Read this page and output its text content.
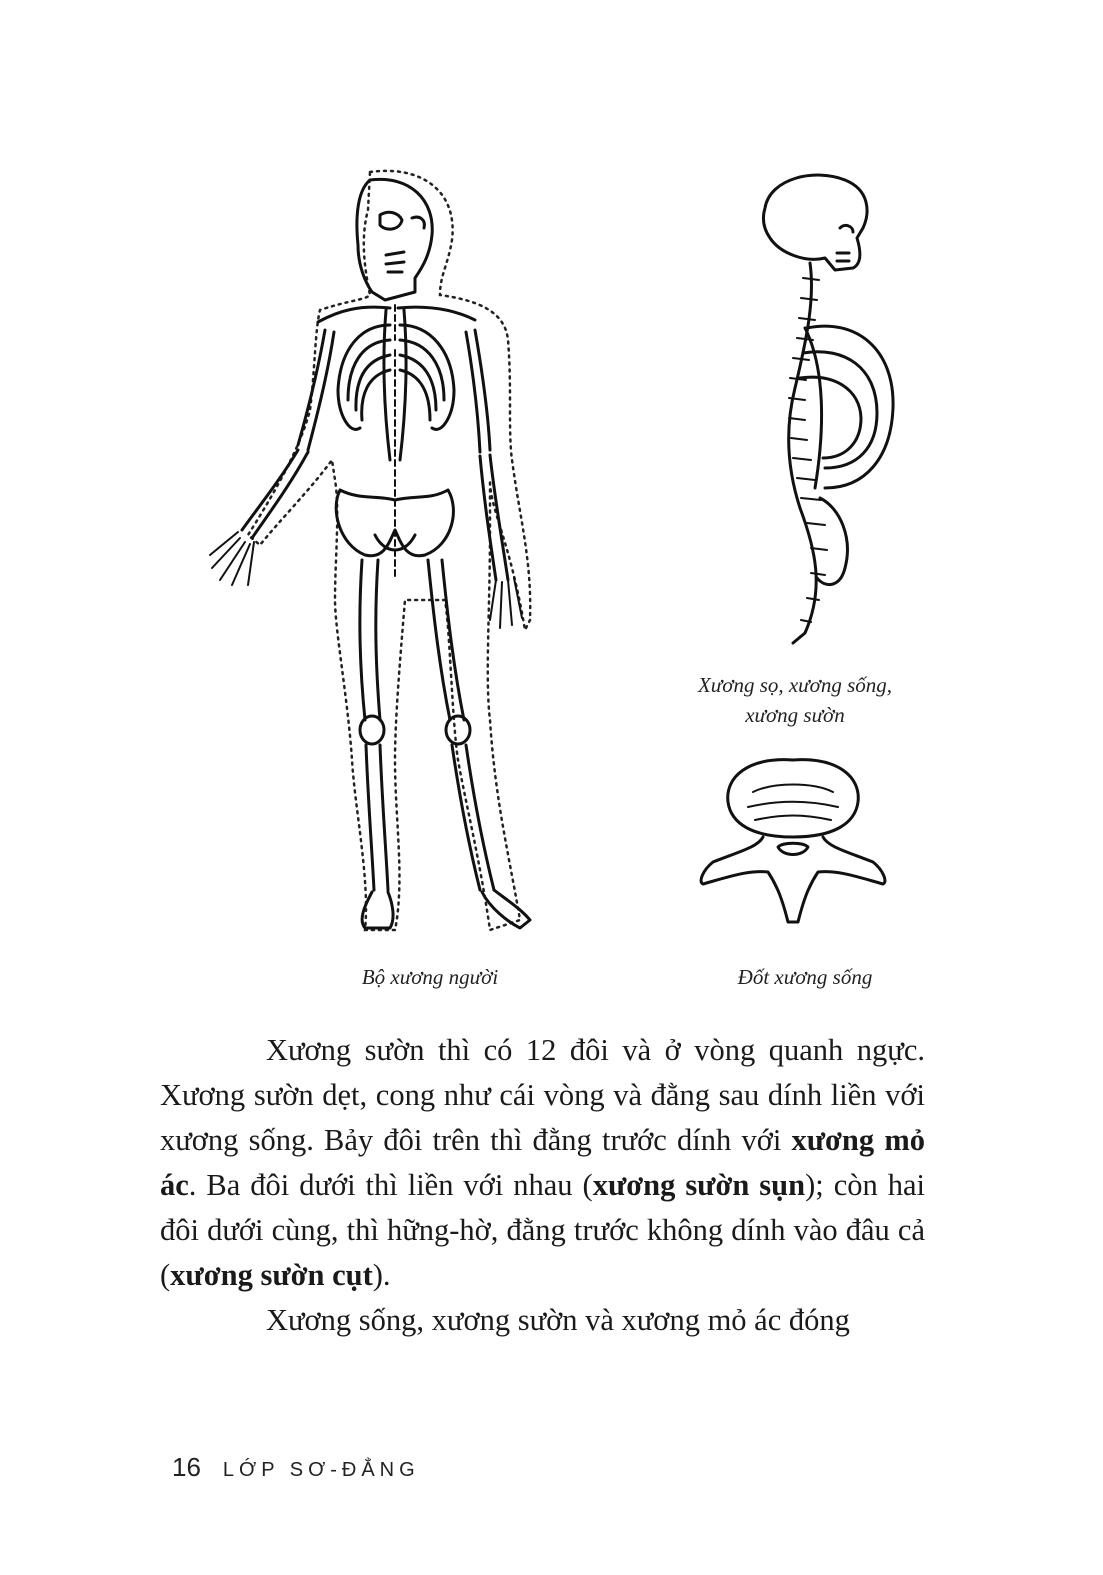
Bộ xương người
Xương sọ, xương sống,
xương sườn
Đốt xương sống

Xương sườn thì có 12 đôi và ở vòng quanh ngực. Xương sườn dẹt, cong như cái vòng và đằng sau dính liền với xương sống. Bảy đôi trên thì đằng trước dính với xương mỏ ác. Ba đôi dưới thì liền với nhau (xương sườn sụn); còn hai đôi dưới cùng, thì hững-hờ, đằng trước không dính vào đâu cả (xương sườn cụt).

Xương sống, xương sườn và xương mỏ ác đóng

16 LỚP SƠ-ĐẲNG
